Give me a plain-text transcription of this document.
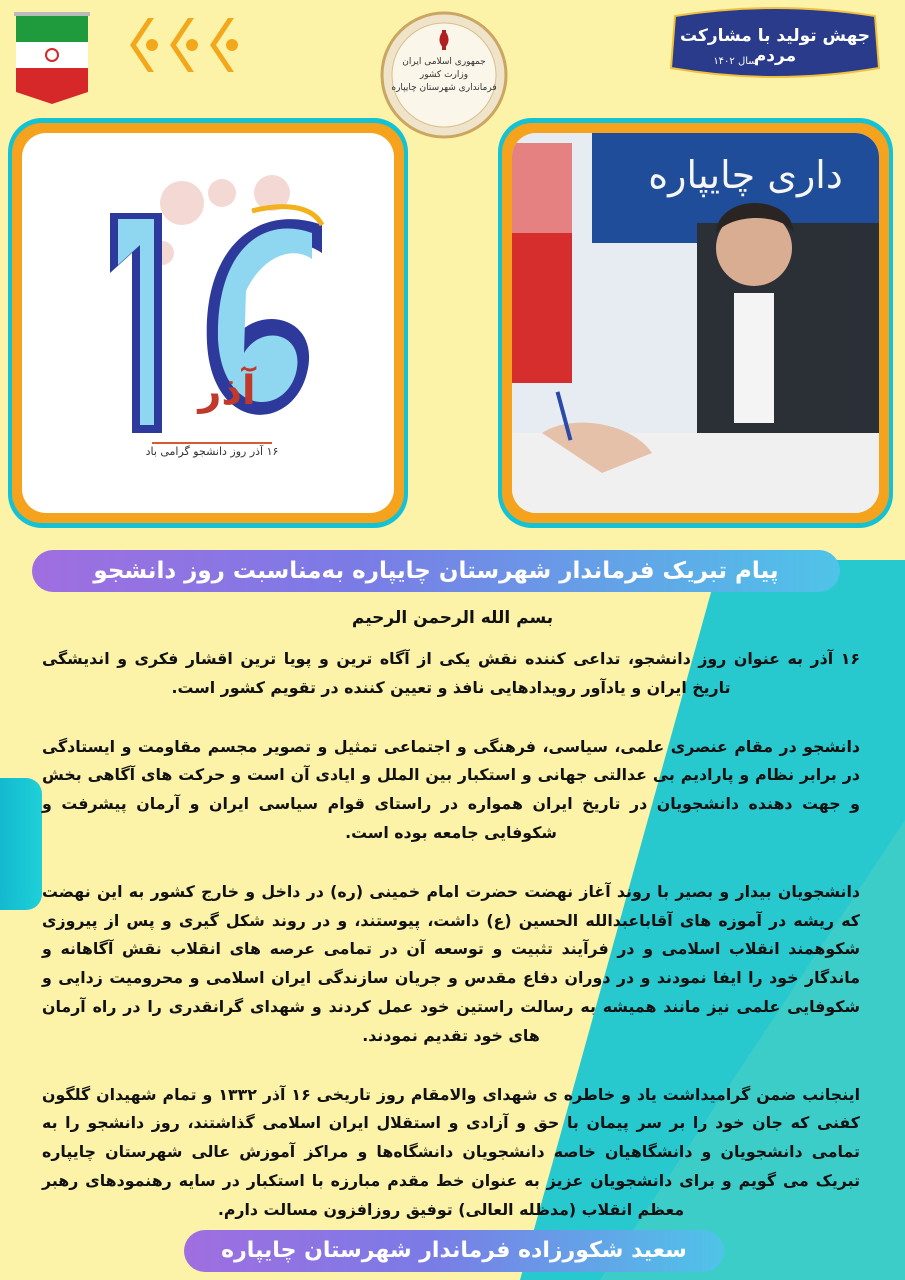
جمهوری اسلامی ایران
وزارت کشور
فرمانداری شهرستان چایپاره
جهش تولید با مشارکت مردم
سال ۱۴۰۲
آذر
۱۶ آذر روز دانشجو گرامی باد
داری چایپاره
پیام تبریک فرماندار شهرستان چایپاره به‌مناسبت روز دانشجو
بسم الله الرحمن الرحیم

۱۶ آذر به عنوان روز دانشجو، تداعی کننده نقش یکی از آگاه ترین و پویا ترین اقشار فکری و اندیشگی تاریخ ایران و یادآور رویدادهایی نافذ و تعیین کننده در تقویم کشور است.

دانشجو در مقام عنصری علمی، سیاسی، فرهنگی و اجتماعی تمثیل و تصویر مجسم مقاومت و ایستادگی در برابر نظام و پارادیم بی عدالتی جهانی و استکبار بین الملل و ایادی آن است و حرکت های آگاهی بخش و جهت دهنده دانشجویان در تاریخ ایران همواره در راستای قوام سیاسی ایران و آرمان پیشرفت و شکوفایی جامعه بوده است.

دانشجویان بیدار و بصیر با روند آغاز نهضت حضرت امام خمینی (ره) در داخل و خارج کشور به این نهضت که ریشه در آموزه های آقاباعبدالله الحسین (ع) داشت، پیوستند، و در روند شکل گیری و پس از پیروزی شکوهمند انقلاب اسلامی و در فرآیند تثبیت و توسعه آن در تمامی عرصه های انقلاب نقش آگاهانه و ماندگار خود را ایفا نمودند و در دوران دفاع مقدس و جریان سازندگی ایران اسلامی و محرومیت زدایی و شکوفایی علمی نیز مانند همیشه به رسالت راستین خود عمل کردند و شهدای گرانقدری را در راه آرمان های خود تقدیم نمودند.

اینجانب ضمن گرامیداشت یاد و خاطره ی شهدای والامقام روز تاریخی ۱۶ آذر ۱۳۳۲ و تمام شهیدان گلگون کفنی که جان خود را بر سر پیمان با حق و آزادی و استقلال ایران اسلامی گذاشتند، روز دانشجو را به تمامی دانشجویان و دانشگاهیان خاصه دانشجویان دانشگاه‌ها و مراکز آموزش عالی شهرستان چایپاره تبریک می گویم و برای دانشجویان عزیز به عنوان خط مقدم مبارزه با استکبار در سایه رهنمودهای رهبر معظم انقلاب (مدظله العالی) توفیق روزافزون مسالت دارم.

سعید شکورزاده فرماندار شهرستان چایپاره
